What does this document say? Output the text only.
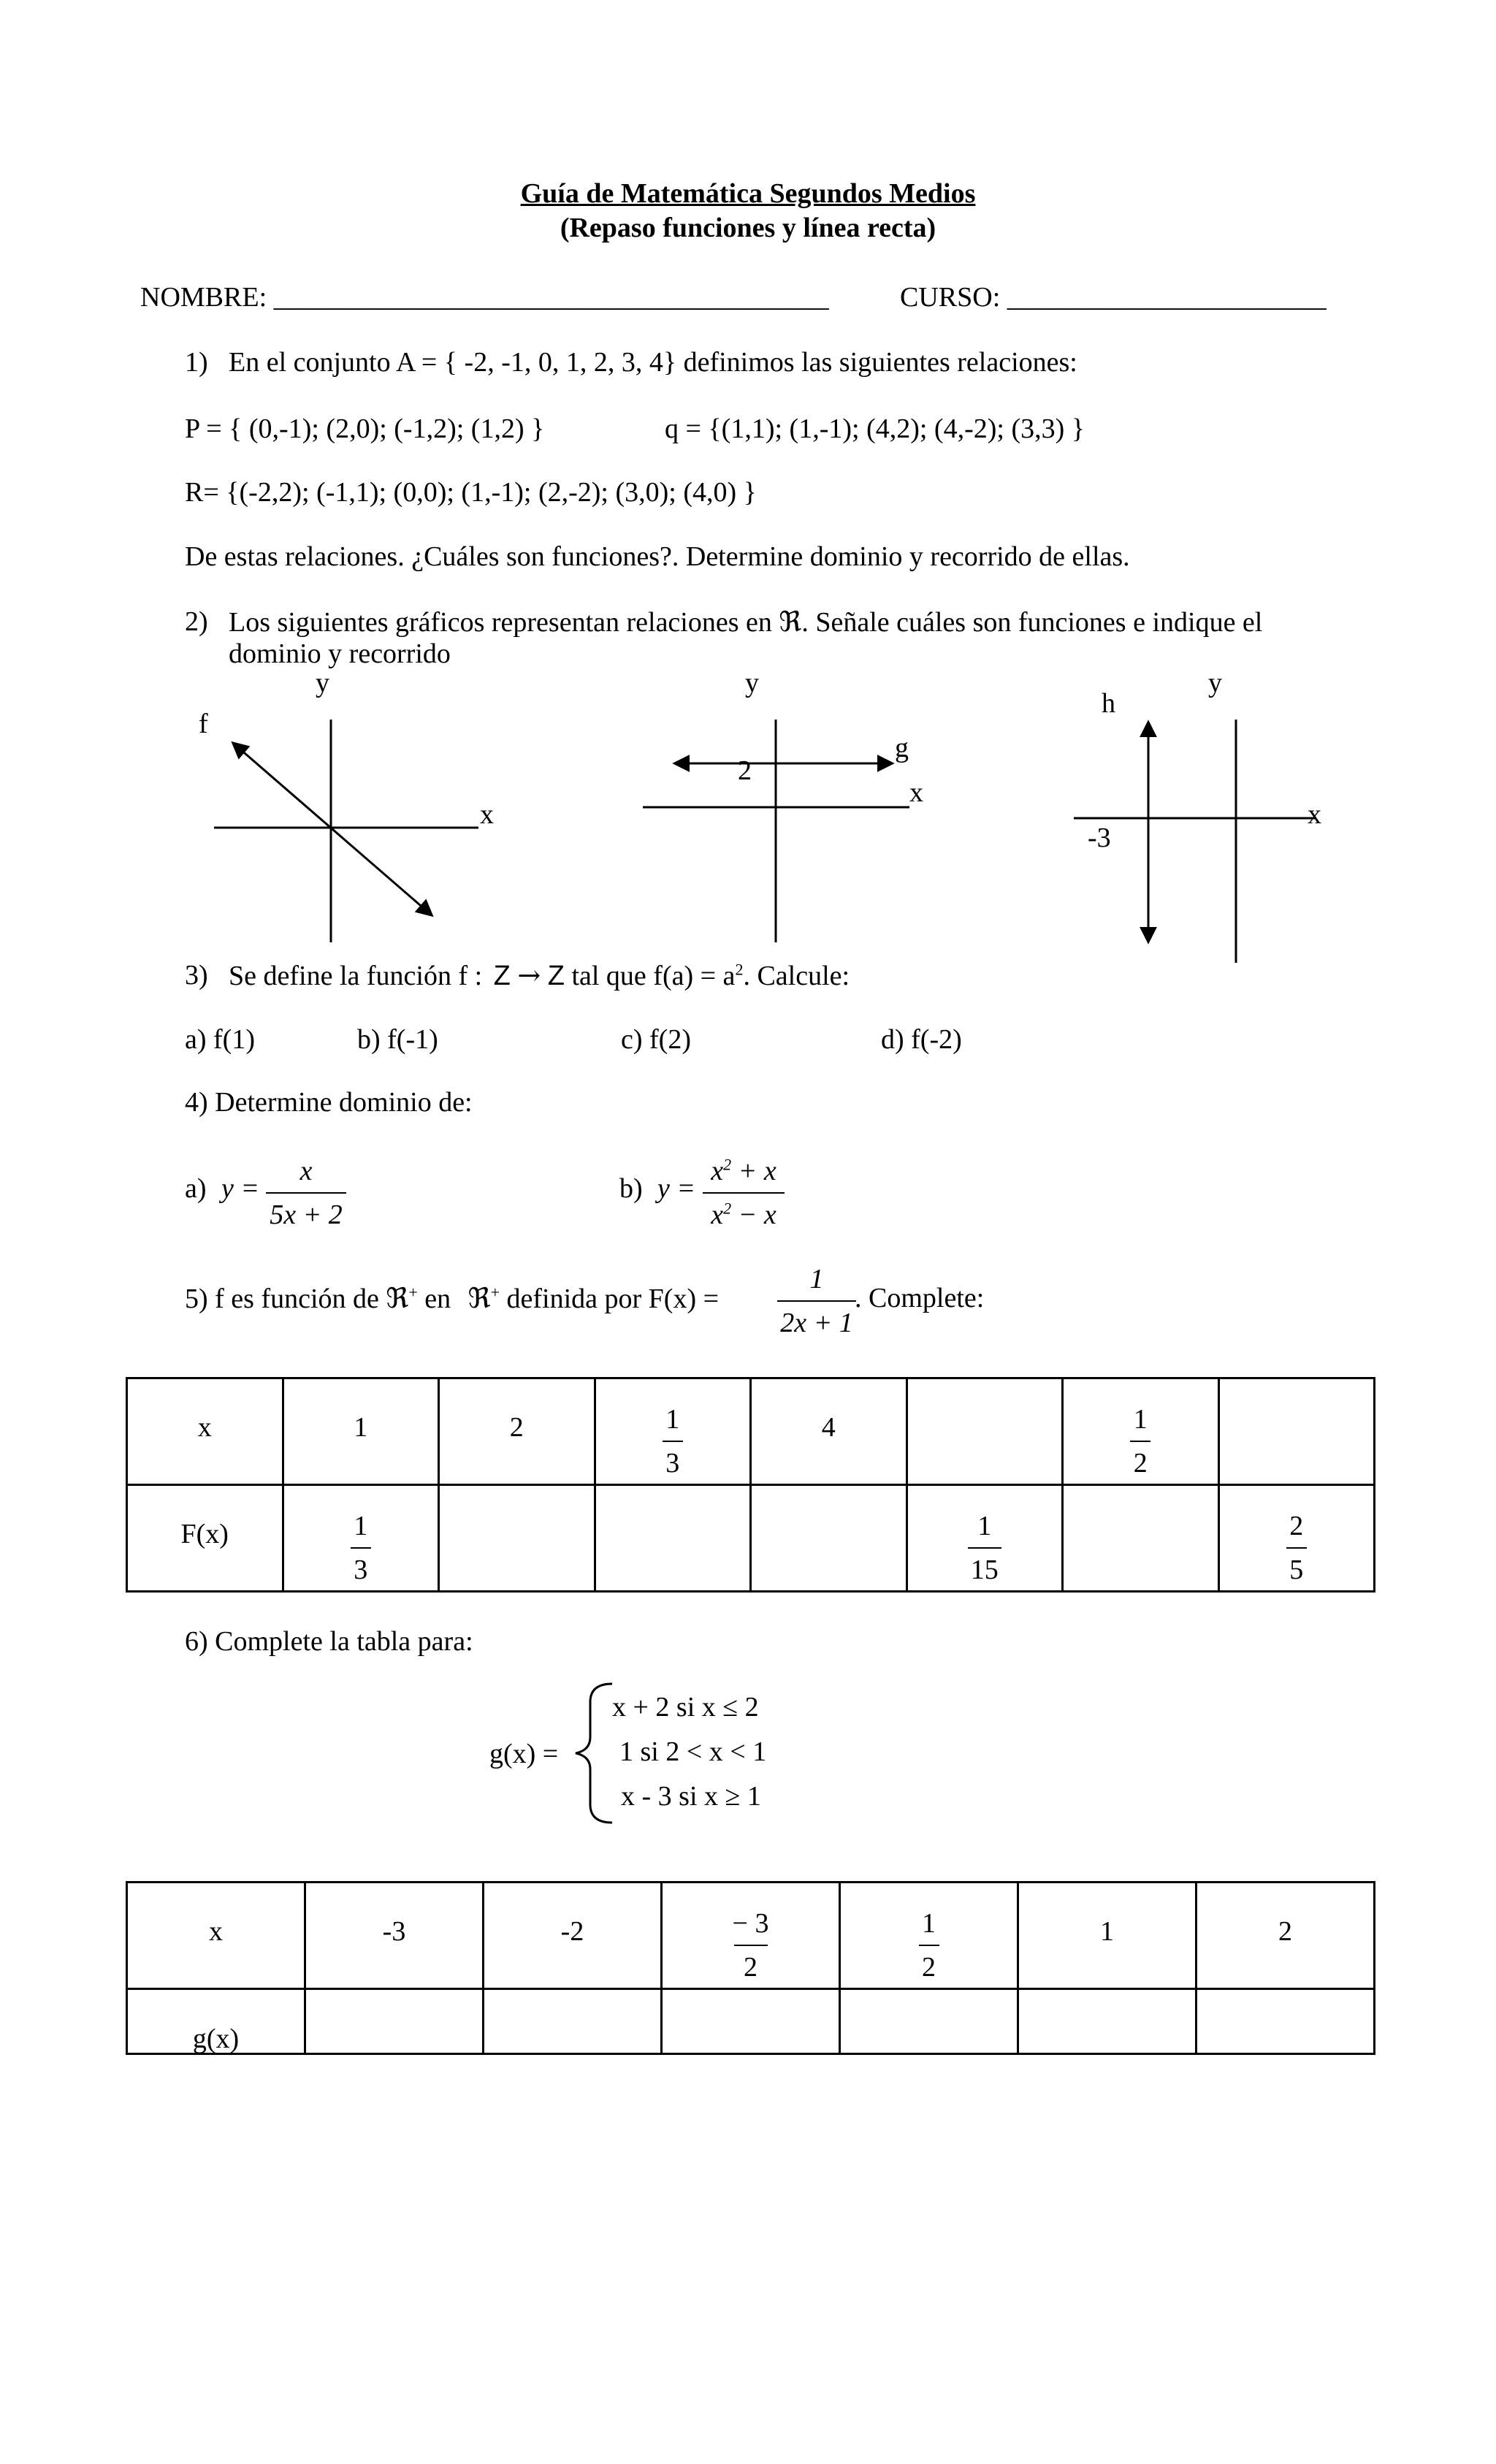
Guía de Matemática Segundos Medios
(Repaso funciones y línea recta)
NOMBRE: ________________________________________	CURSO: _______________________
1) En el conjunto A = { -2, -1, 0, 1, 2, 3, 4} definimos las siguientes relaciones:
P = { (0,-1); (2,0); (-1,2); (1,2) }	q = {(1,1); (1,-1); (4,2); (4,-2); (3,3) }
R= {(-2,2); (-1,1); (0,0); (1,-1); (2,-2); (3,0); (4,0) }
De estas relaciones. ¿Cuáles son funciones?. Determine dominio y recorrido de ellas.
2) Los siguientes gráficos representan relaciones en ℜ. Señale cuáles son funciones e indique el
dominio y recorrido
y
f
x
y
2
g
x
y
h
-3
x
3) Se define la función f : Z → Z tal que $f(a) = a^2$. Calcule:
a) f(1)	b) f(-1)	c) f(2)	d) f(-2)
4) Determine dominio de:
a) y =
x
5x + 2
b) y =
$x^2 + x$
$x^2 - x$
5) f es función de ℜ+ en ℜ+ definida por F(x) =
1
2x + 1
. Complete:
x	1	2	$\frac{1}{3}$	4		$\frac{1}{2}$

F(x)	$\frac{1}{3}$				$\frac{1}{15}$		$\frac{2}{5}$
6) Complete la tabla para:
g(x) =
x + 2 si x ≤ 2
1 si 2 < x < 1
x - 3 si x ≥ 1
x	-3	-2	$\frac{- 3}{2}$	$\frac{1}{2}$	1	2

g(x)						
